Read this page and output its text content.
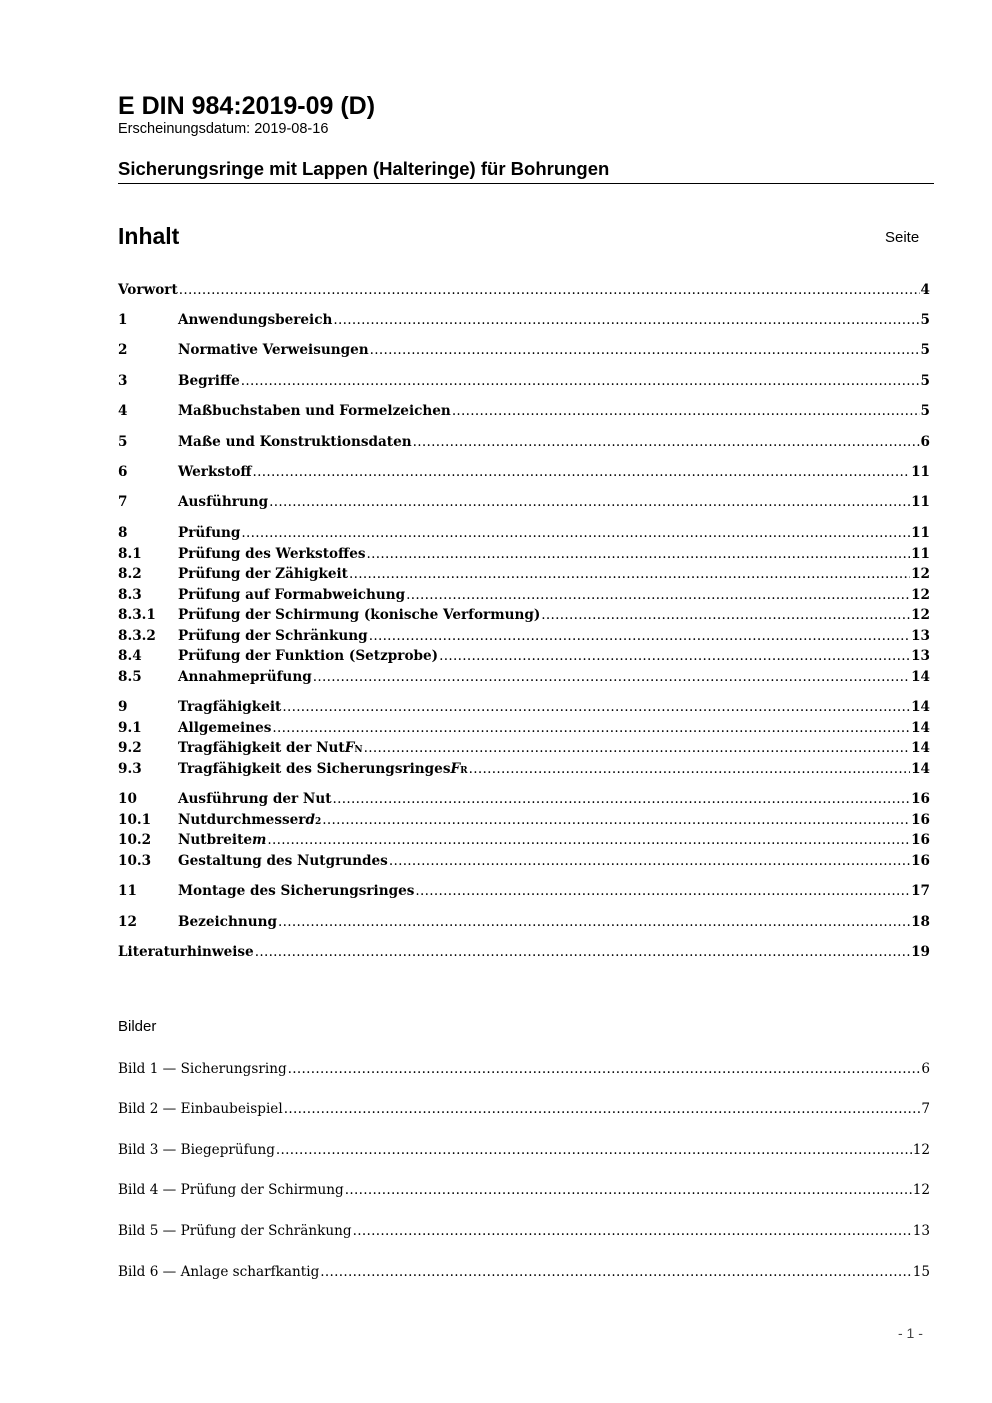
E DIN 984:2019-09 (D)
Erscheinungsdatum: 2019-08-16
Sicherungsringe mit Lappen (Halteringe) für Bohrungen
Inhalt	Seite
Vorwort .....	4
1	Anwendungsbereich .....	5
2	Normative Verweisungen .....	5
3	Begriffe .....	5
4	Maßbuchstaben und Formelzeichen .....	5
5	Maße und Konstruktionsdaten .....	6
6	Werkstoff .....	11
7	Ausführung .....	11
8	Prüfung .....	11
8.1	Prüfung des Werkstoffes .....	11
8.2	Prüfung der Zähigkeit .....	12
8.3	Prüfung auf Formabweichung .....	12
8.3.1	Prüfung der Schirmung (konische Verformung) .....	12
8.3.2	Prüfung der Schränkung .....	13
8.4	Prüfung der Funktion (Setzprobe) .....	13
8.5	Annahmeprüfung .....	14
9	Tragfähigkeit .....	14
9.1	Allgemeines .....	14
9.2	Tragfähigkeit der Nut F N .....	14
9.3	Tragfähigkeit des Sicherungsringes F R .....	14
10	Ausführung der Nut .....	16
10.1	Nutdurchmesser d 2 .....	16
10.2	Nutbreite m .....	16
10.3	Gestaltung des Nutgrundes .....	16
11	Montage des Sicherungsringes .....	17
12	Bezeichnung .....	18
Literaturhinweise .....	19
Bilder
Bild 1 — Sicherungsring .....	6
Bild 2 — Einbaubeispiel .....	7
Bild 3 — Biegeprüfung .....	12
Bild 4 — Prüfung der Schirmung .....	12
Bild 5 — Prüfung der Schränkung .....	13
Bild 6 — Anlage scharfkantig .....	15
- 1 -
